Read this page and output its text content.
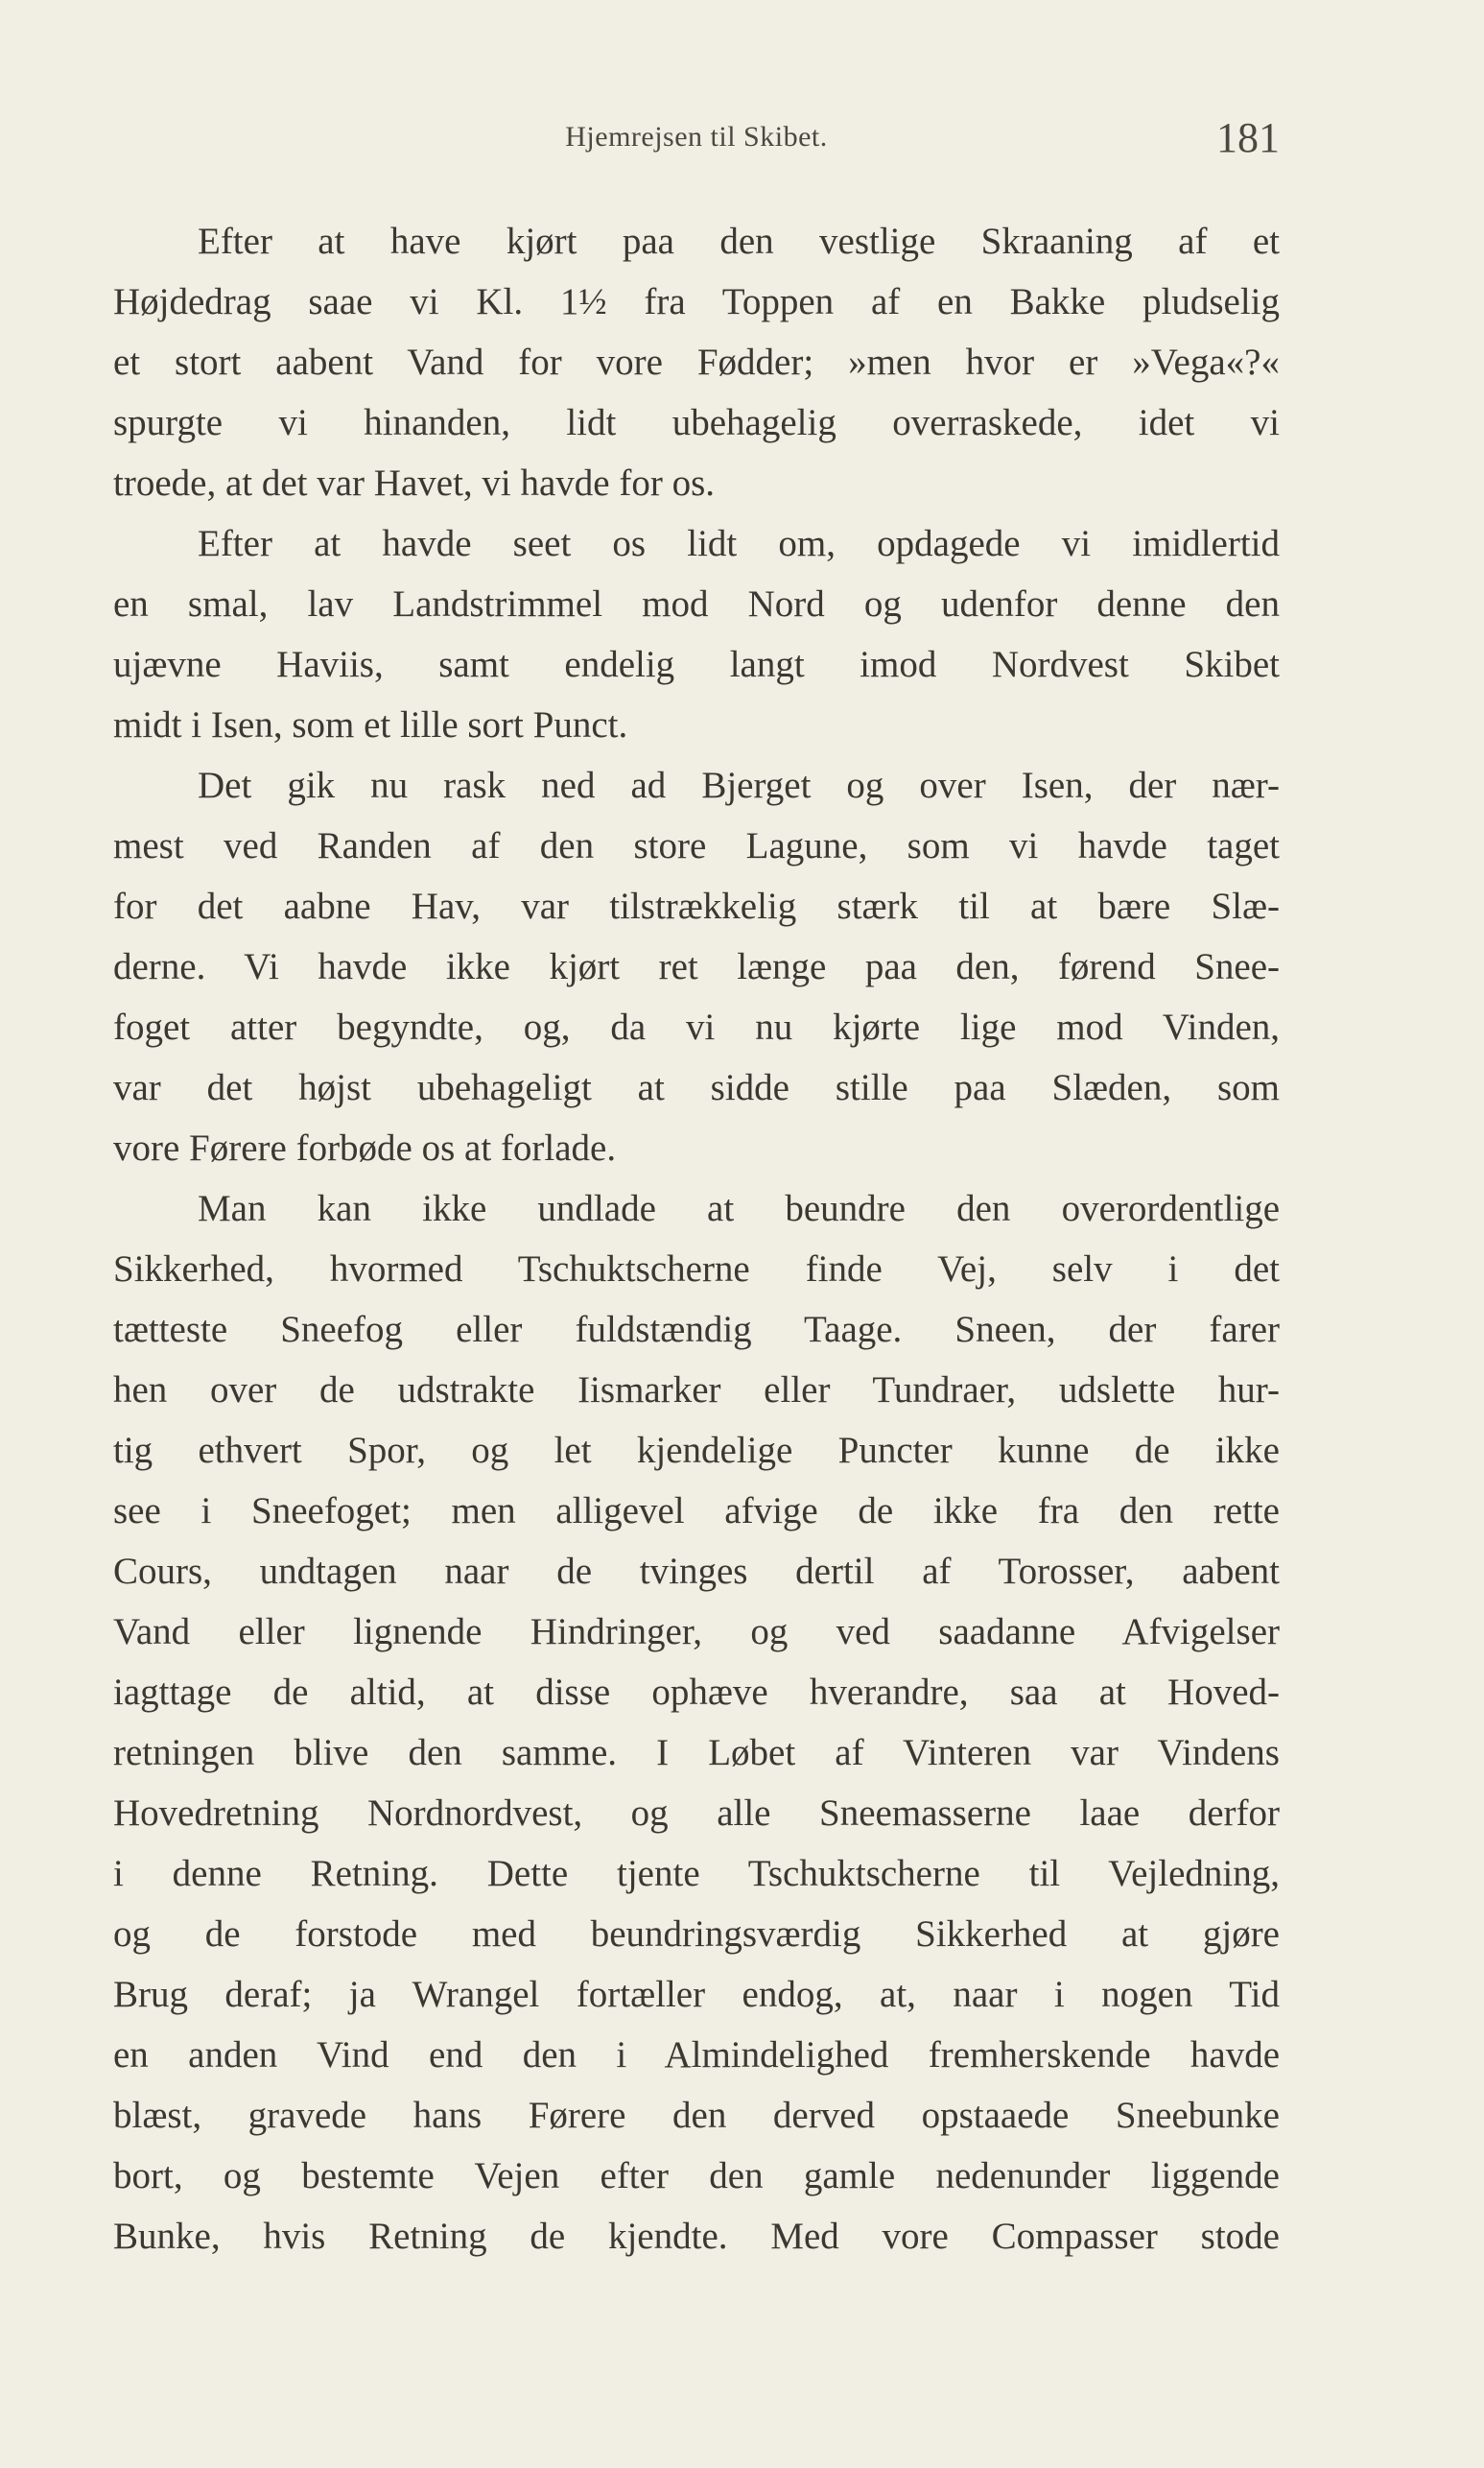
Hjemrejsen til Skibet.	181
Efter at have kjørt paa den vestlige Skraaning af et
Højdedrag saae vi Kl. 1½ fra Toppen af en Bakke pludselig
et stort aabent Vand for vore Fødder; »men hvor er »Vega«?«
spurgte vi hinanden, lidt ubehagelig overraskede, idet vi
troede, at det var Havet, vi havde for os.
Efter at havde seet os lidt om, opdagede vi imidlertid
en smal, lav Landstrimmel mod Nord og udenfor denne den
ujævne Haviis, samt endelig langt imod Nordvest Skibet
midt i Isen, som et lille sort Punct.
Det gik nu rask ned ad Bjerget og over Isen, der nær-
mest ved Randen af den store Lagune, som vi havde taget
for det aabne Hav, var tilstrækkelig stærk til at bære Slæ-
derne. Vi havde ikke kjørt ret længe paa den, førend Snee-
foget atter begyndte, og, da vi nu kjørte lige mod Vinden,
var det højst ubehageligt at sidde stille paa Slæden, som
vore Førere forbøde os at forlade.
Man kan ikke undlade at beundre den overordentlige
Sikkerhed, hvormed Tschuktscherne finde Vej, selv i det
tætteste Sneefog eller fuldstændig Taage. Sneen, der farer
hen over de udstrakte Iismarker eller Tundraer, udslette hur-
tig ethvert Spor, og let kjendelige Puncter kunne de ikke
see i Sneefoget; men alligevel afvige de ikke fra den rette
Cours, undtagen naar de tvinges dertil af Torosser, aabent
Vand eller lignende Hindringer, og ved saadanne Afvigelser
iagttage de altid, at disse ophæve hverandre, saa at Hoved-
retningen blive den samme. I Løbet af Vinteren var Vindens
Hovedretning Nordnordvest, og alle Sneemasserne laae derfor
i denne Retning. Dette tjente Tschuktscherne til Vejledning,
og de forstode med beundringsværdig Sikkerhed at gjøre
Brug deraf; ja Wrangel fortæller endog, at, naar i nogen Tid
en anden Vind end den i Almindelighed fremherskende havde
blæst, gravede hans Førere den derved opstaaede Sneebunke
bort, og bestemte Vejen efter den gamle nedenunder liggende
Bunke, hvis Retning de kjendte. Med vore Compasser stode
